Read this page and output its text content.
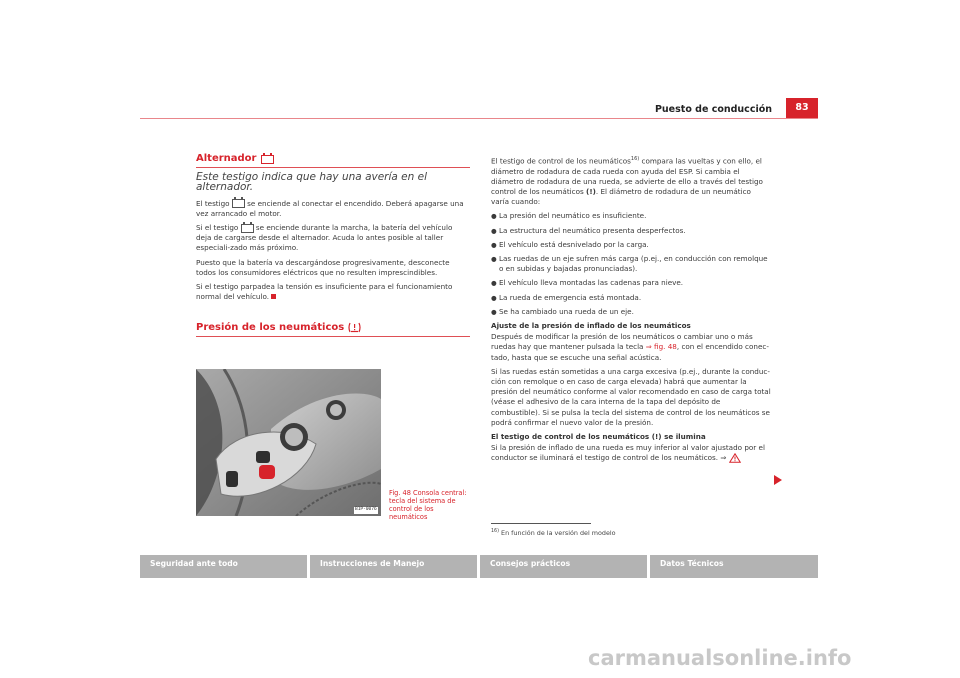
Puesto de conducción	83
Alternador
Este testigo indica que hay una avería en el alternador.

El testigo  se enciende al conectar el encendido. Deberá apagarse una vez arrancado el motor.

Si el testigo  se enciende durante la marcha, la batería del vehículo deja de cargarse desde el alternador. Acuda lo antes posible al taller especiali-zado más próximo.

Puesto que la batería va descargándose progresivamente, desconecte todos los consumidores eléctricos que no resulten imprescindibles.

Si el testigo parpadea la tensión es insuficiente para el funcionamiento normal del vehículo.

Presión de los neumáticos
B1P-0076
Fig. 48 Consola central: tecla del sistema de control de los neumáticos

El testigo de control de los neumáticos$^{16)}$ compara las vueltas y con ello, el diámetro de rodadura de cada rueda con ayuda del ESP. Si cambia el diámetro de rodadura de una rueda, se advierte de ello a través del testigo control de los neumáticos (!). El diámetro de rodadura de un neumático varía cuando:

● La presión del neumático es insuficiente.
● La estructura del neumático presenta desperfectos.
● El vehículo está desnivelado por la carga.
● Las ruedas de un eje sufren más carga (p.ej., en conducción con remolque o en subidas y bajadas pronunciadas).
● El vehículo lleva montadas las cadenas para nieve.
● La rueda de emergencia está montada.
● Se ha cambiado una rueda de un eje.

Ajuste de la presión de inflado de los neumáticos

Después de modificar la presión de los neumáticos o cambiar uno o más ruedas hay que mantener pulsada la tecla ⇒ fig. 48, con el encendido conec-tado, hasta que se escuche una señal acústica.

Si las ruedas están sometidas a una carga excesiva (p.ej., durante la conduc-ción con remolque o en caso de carga elevada) habrá que aumentar la presión del neumático conforme al valor recomendado en caso de carga total (véase el adhesivo de la cara interna de la tapa del depósito de combustible). Si se pulsa la tecla del sistema de control de los neumáticos se podrá confirmar el nuevo valor de la presión.

El testigo de control de los neumáticos (!) se ilumina

Si la presión de inflado de una rueda es muy inferior al valor ajustado por el conductor se iluminará el testigo de control de los neumáticos. ⇒

$^{16)}$ En función de la versión del modelo
Seguridad ante todo	Instrucciones de Manejo	Consejos prácticos	Datos Técnicos
carmanualsonline.info
